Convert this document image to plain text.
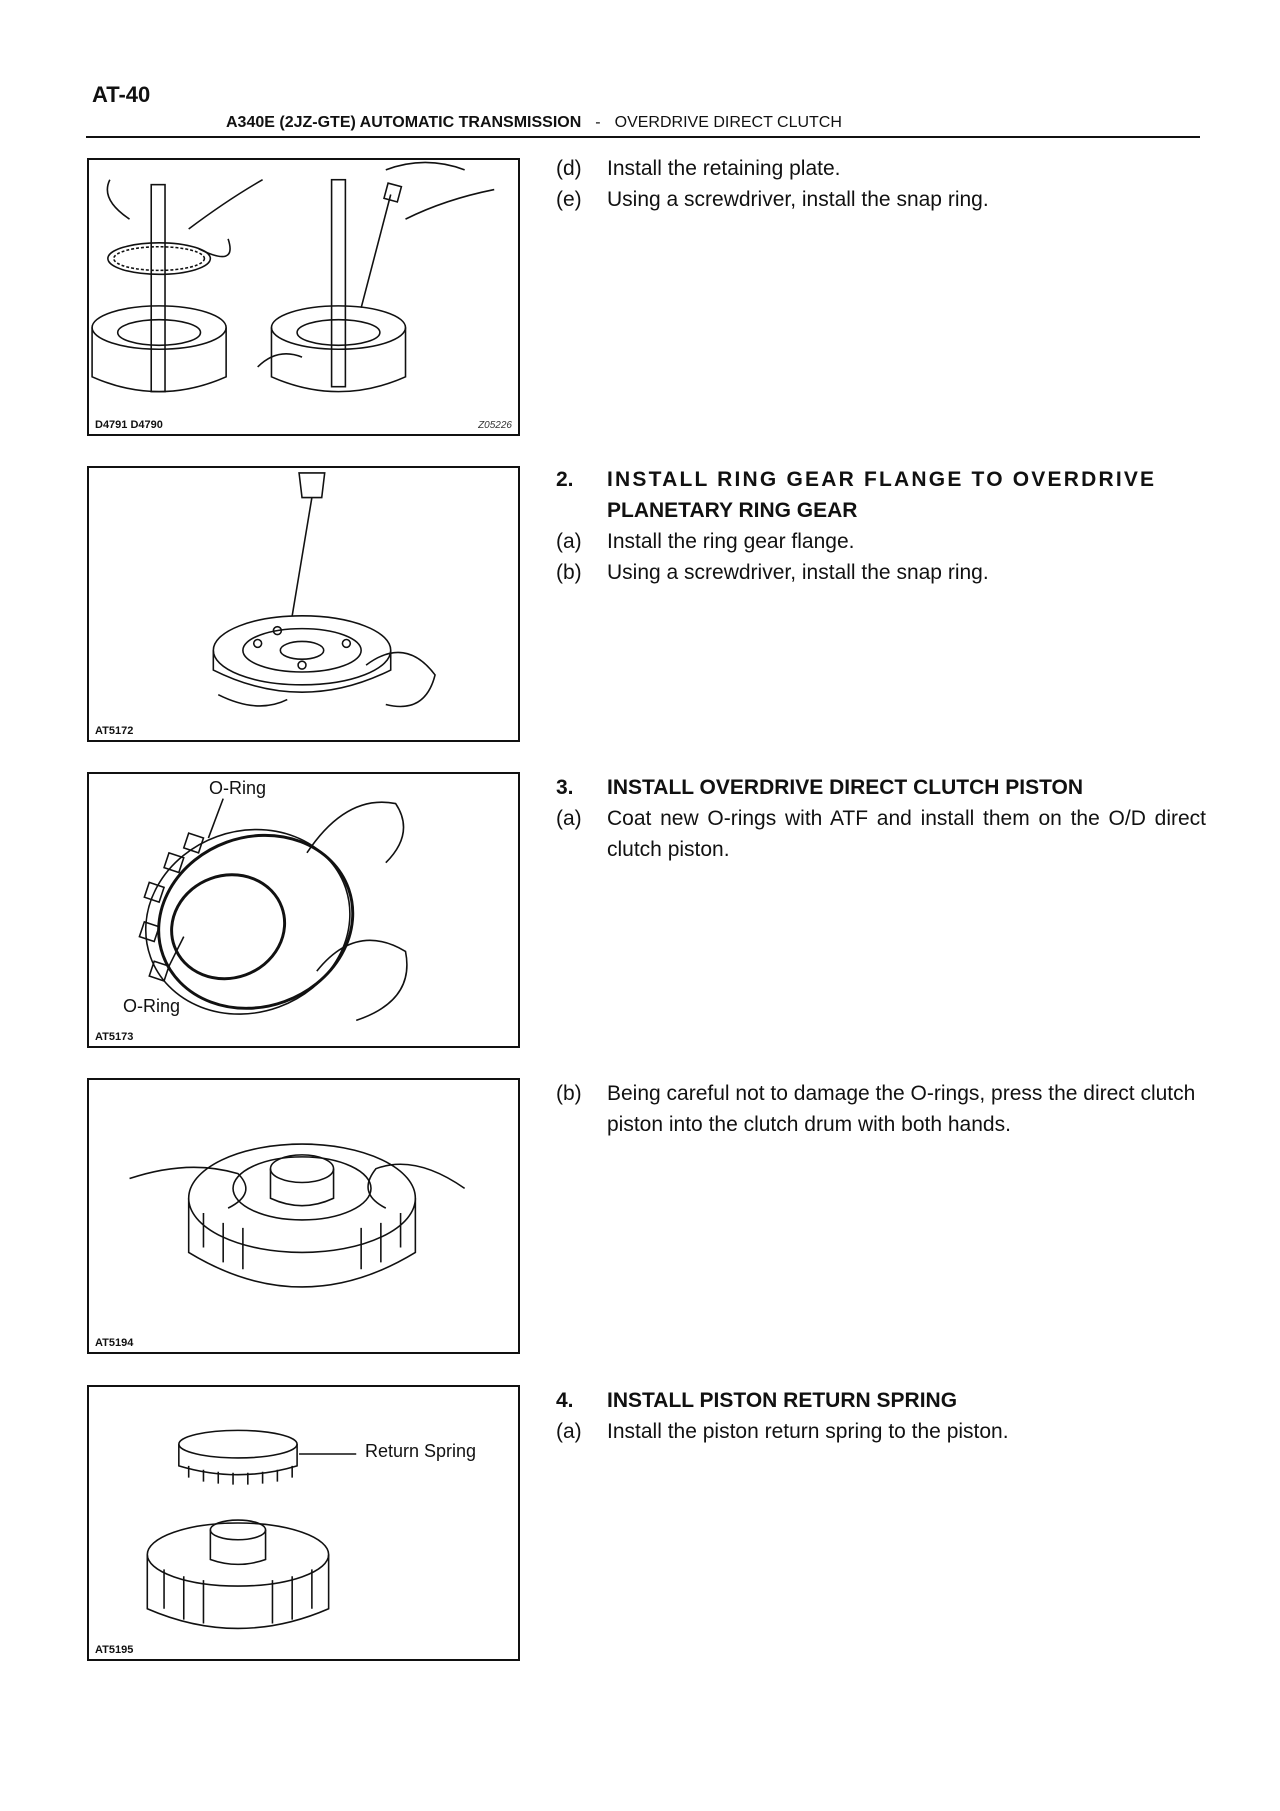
AT-40
A340E (2JZ-GTE) AUTOMATIC TRANSMISSION - OVERDRIVE DIRECT CLUTCH
D4791 D4790	Z05226
AT5172
O-Ring
O-Ring
AT5173
AT5194
Return Spring
AT5195
(d)	Install the retaining plate.
(e)	Using a screwdriver, install the snap ring.
2.	INSTALL RING GEAR FLANGE TO OVERDRIVE
PLANETARY RING GEAR
(a)	Install the ring gear flange.
(b)	Using a screwdriver, install the snap ring.
3.	INSTALL OVERDRIVE DIRECT CLUTCH PISTON
(a)	Coat new O-rings with ATF and install them on the O/D direct clutch piston.
(b)	Being careful not to damage the O-rings, press the direct clutch piston into the clutch drum with both hands.
4.	INSTALL PISTON RETURN SPRING
(a)	Install the piston return spring to the piston.
